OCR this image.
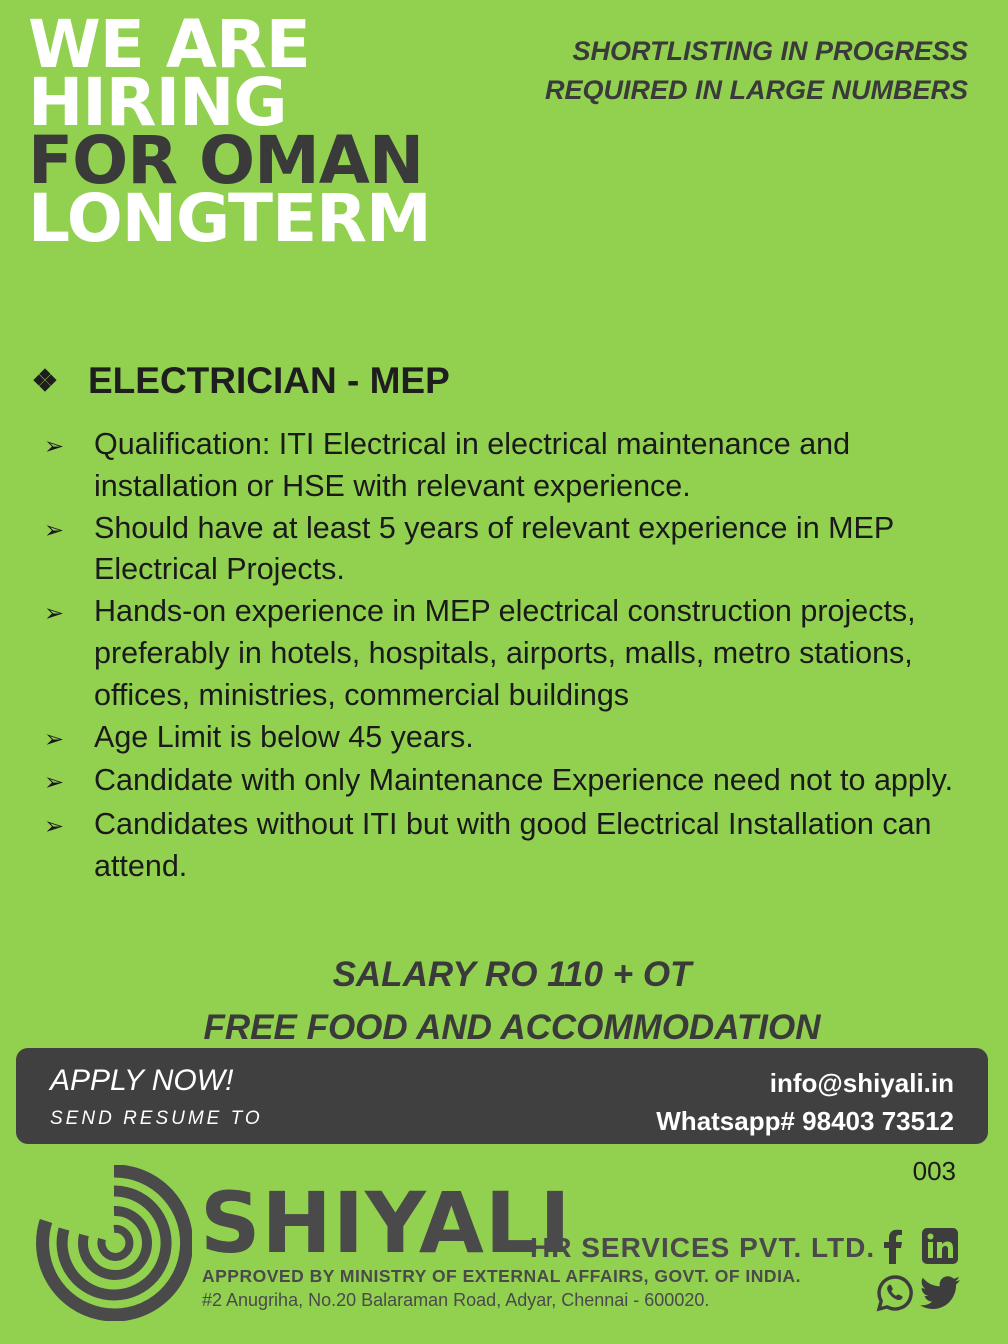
WE ARE
HIRING
FOR OMAN
LONGTERM
SHORTLISTING IN PROGRESS
REQUIRED IN LARGE NUMBERS
❖ ELECTRICIAN - MEP
➢ Qualification: ITI Electrical in electrical maintenance and installation or HSE with relevant experience.
➢ Should have at least 5 years of relevant experience in MEP Electrical Projects.
➢ Hands-on experience in MEP electrical construction projects, preferably in hotels, hospitals, airports, malls, metro stations, offices, ministries, commercial buildings
➢ Age Limit is below 45 years.
➢ Candidate with only Maintenance Experience need not to apply.
➢ Candidates without ITI but with good Electrical Installation can attend.
SALARY RO 110 + OT
FREE FOOD AND ACCOMMODATION
APPLY NOW!
SEND RESUME TO
info@shiyali.in
Whatsapp# 98403 73512
003
SHIYALI
HR SERVICES PVT. LTD.
APPROVED BY MINISTRY OF EXTERNAL AFFAIRS, GOVT. OF INDIA.
#2 Anugriha, No.20 Balaraman Road, Adyar, Chennai - 600020.
